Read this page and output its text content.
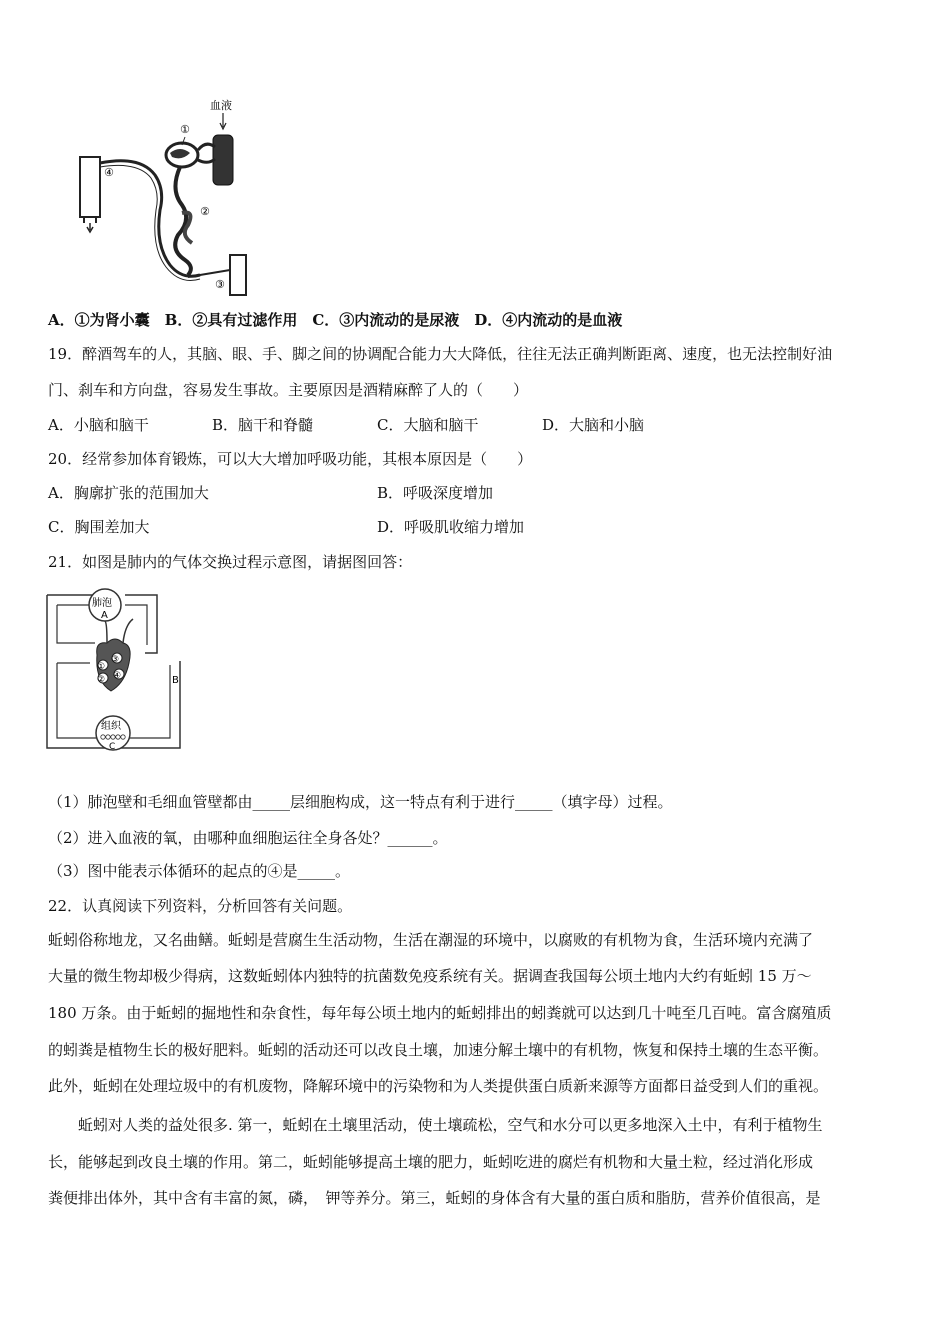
④
①
血液
②
③
A．①为肾小囊　B．②具有过滤作用　C．③内流动的是尿液　D．④内流动的是血液
19．醉酒驾车的人，其脑、眼、手、脚之间的协调配合能力大大降低，往往无法正确判断距离、速度，也无法控制好油
门、刹车和方向盘，容易发生事故。主要原因是酒精麻醉了人的（　　）
A．小脑和脑干	B．脑干和脊髓	C．大脑和脑干	D．大脑和小脑
20．经常参加体育锻炼，可以大大增加呼吸功能，其根本原因是（　　）
A．胸廓扩张的范围加大	B．呼吸深度增加
C．胸围差加大	D．呼吸肌收缩力增加
21．如图是肺内的气体交换过程示意图，请据图回答：
肺泡
A
①
②
③
④	B
组织
C
（1）肺泡壁和毛细血管壁都由_____层细胞构成，这一特点有利于进行_____（填字母）过程。
（2）进入血液的氧，由哪种血细胞运往全身各处？______。
（3）图中能表示体循环的起点的④是_____。
22．认真阅读下列资料，分析回答有关问题。
蚯蚓俗称地龙，又名曲鳝。蚯蚓是营腐生生活动物，生活在潮湿的环境中，以腐败的有机物为食，生活环境内充满了
大量的微生物却极少得病，这数蚯蚓体内独特的抗菌数免疫系统有关。据调查我国每公顷土地内大约有蚯蚓 15 万～
180 万条。由于蚯蚓的掘地性和杂食性，每年每公顷土地内的蚯蚓排出的蚓粪就可以达到几十吨至几百吨。富含腐殖质
的蚓粪是植物生长的极好肥料。蚯蚓的活动还可以改良土壤，加速分解土壤中的有机物，恢复和保持土壤的生态平衡。
此外，蚯蚓在处理垃圾中的有机废物，降解环境中的污染物和为人类提供蛋白质新来源等方面都日益受到人们的重视。
　　蚯蚓对人类的益处很多. 第一，蚯蚓在土壤里活动，使土壤疏松，空气和水分可以更多地深入土中，有利于植物生
长，能够起到改良土壤的作用。第二，蚯蚓能够提高土壤的肥力，蚯蚓吃进的腐烂有机物和大量土粒，经过消化形成
粪便排出体外，其中含有丰富的氮，磷，　钾等养分。第三，蚯蚓的身体含有大量的蛋白质和脂肪，营养价值很高，是
